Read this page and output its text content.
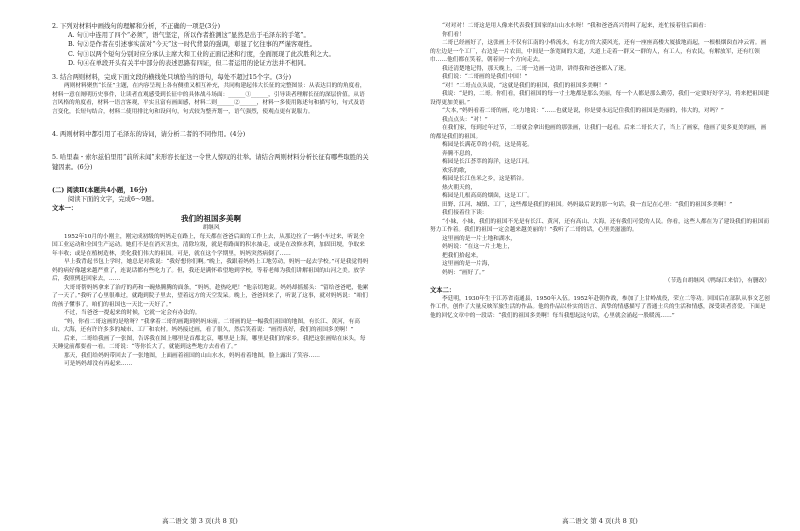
2. 下列对材料中画线句的理解和分析，不正确的一项是(3分)

A. 句①中连用了四个“必须”，语气坚定，所以作者推测这“显然是出于毛泽东的手笔”。

B. 句②是作者在引述事实前对“今天”这一时代背景的强调，彰显了忆往事的严谨客观性。

C. 句③以两个短句分别对应分承认主席大和工业的正面记述和行度，全面展现了此次胜利之大。

D. 句④在单段开头有关半中部分的表述思路有四证，但二者运用的论证方法并不相同。

3. 结合两则材料，完成下面文段的横线处只填恰当的语句，每处不超过15个字。(3分)

两则材料聚焦“长征”主题，在内容呈现上各有侧重又相互补充，共同构建起伟大长征的完整图景：从表达目的的角度看，材料一意在阐明历史事件，让读者直观感受到长征中的具体战斗场面：______①______，引导读者理解长征的深层价值。从语言风格的角度看，材料一语言客观，平实且富有画面感，材料二则______②______，材料一多使用陈述句和描写句，句式及语言变化，长短句结合，材料二使用排比句和设问句，句式较为整齐划一，语气强烈，使观点更有说服力。

4. 两则材料中都引用了毛泽东的诗词，请分析二者的不同作用。(4分)

5. 哈里森・索尔兹伯里用“前所未闻”来形容长征这一令世人惊叹的壮举。请结合两则材料分析长征有哪些取胜的关键因素。(6分)

(二) 阅读Ⅱ(本题共4小题，16分)

阅读下面的文字，完成6～9题。

文本一：

我们的祖国多美啊

胡继风

1952年10月的小刚主，刚完成初级的妈妈走在路上，每天都在爸爸后面的工作上去，从那边拉了一辆小车过来，听说全国工业运动和全国生产运动。她们不是在消灭害虫，清除垃圾，就是将路面的积水抽走，或是在改修水利，加固田埂，争取来年丰收；或是在植树造林，美化我们伟大的祖国。可是，就在这个学期里，妈妈突然病倒了……

早上我背起书包上学时，她总是对我说：“我好想你们啊。”晚上，我跟着妈妈上工地劳动，妈妈一起去学校。”可是我觉得妈妈的病好像越来越严重了，连说话都有些吃力了。但，我还是满怀希望地到学校，等着老师为我们讲解祖国的山河之美。放学后，我照例赶回家去，……

大哥哥帮妈妈拿来了治疗的药和一碗热腾腾的面条，“妈妈，趁热吃吧！”他亲切地说。妈妈却摇摇头：“留给爸爸吧，他累了一天了。”我听了心里很难过，就跑到院子里去，望着远方的天空发呆。晚上，爸爸回来了，听说了这事，就对妈妈说：“咱们的孩子懂事了，咱们的祖国也一天比一天好了。”

不过，当爸爸一提起来的时候，它就一定会有办法的。

“妈，你看二哥这画的是啥呀？”我拿着二哥的画跑到妈妈床前。二哥画的是一幅我们祖国的地图，有长江、黄河，有高山、大海，还有许许多多的城市、工厂和农村。妈妈接过画，看了很久，然后笑着说：“画得真好，我们的祖国多美啊！”

后来，二哥给我画了一张图，告诉我在图上哪里是首都北京，哪里是上海，哪里是我们的家乡。我把这张画贴在床头，每天睡觉前都要看一看。二哥说：“等你长大了，就能到这些地方去看看了。”

那天，我们给妈妈带回去了一张地图，上面画着祖国的山山水水，妈妈看着地图，脸上露出了笑容……

可是妈妈却没有再起来……

高二语文 第 3 页(共 8 页)

“对对对！二哥这是用人像来代表我们国家的山山水水呀！”我和爸爸高兴得叫了起来，连忙接着往后面看：

你们看！

二哥已经画好了，这张画上不仅有江南的小桥流水，有北方的大漠风光，还有一座座高楼大厦拔地而起，一根根烟囱直冲云霄。画的左边是一个工厂，右边是一片农田，中间是一条宽阔的大道，大道上走着一群又一群的人，有工人，有农民，有解放军，还有红领巾……他们都在笑着，朝着同一个方向走去。

我还清楚地记得，那天晚上，二哥一边画一边讲，讲得我和爸爸都入了迷。

我们说：“二哥画的是我们中国！”

“对！”二哥点点头说，“这就是我们的祖国，我们的祖国多美啊！”

我说：“是的，二哥。你们看，我们祖国的每一寸土地都是那么美丽，每一个人都是那么勤劳，我们一定要好好学习，将来把祖国建设得更加美丽。”

“大本，”妈妈看着二哥的画，吃力地说：“……也就是说，你是要永远记住我们的祖国是美丽的，伟大的，对吗？”

我点点头：“对！”

在我们家，每到过年过节，二哥就会拿出他画的那张画，让我们一起看。后来二哥长大了，当上了画家，他画了更多更美的画，画的都是我们的祖国。

梅园是长满花草的小院，这是荷花。

奔腾不息的，

梅园是长江荟萃的海洋，这是江河。

欢乐的歌，

梅园是长江鱼米之乡，这是稻谷。

热火朝天的，

梅园是几根高高的烟囱，这是工厂。

田野、江河、城镇、工厂，这些都是我们的祖国。妈妈最后说的那一句话，我一直记在心里：“我们的祖国多美啊！”

我们接着往下读：

“小妹，小妹，我们的祖国不光是有长江、黄河，还有高山、大海，还有我们可爱的人民。你看，这些人都在为了建设我们的祖国而努力工作着。我们的祖国一定会越来越美丽的！”我听了二哥的话，心里美滋滋的。

这里画的是一片土地和湖水，

妈妈说：“在这一片土地上，

把我们拾起来，

这里画的是一片海，

妈妈：“画好了。”

（节选自胡继风《鸭绿江来信》，有删改）

文本二：

李廷明，1930年生于江苏省南通县，1950年入伍。1952年赴朝作战，参加了上甘岭战役，荣立二等功。回国后在部队从事文艺创作工作，创作了大量反映军旅生活的作品。他的作品以朴实的语言、真挚的情感描写了普通士兵的生活和情感，深受读者喜爱。下面是他的回忆文章中的一段话：“我们的祖国多美啊！每当我想起这句话，心里就会涌起一股暖流……”

高二语文 第 4 页(共 8 页)
